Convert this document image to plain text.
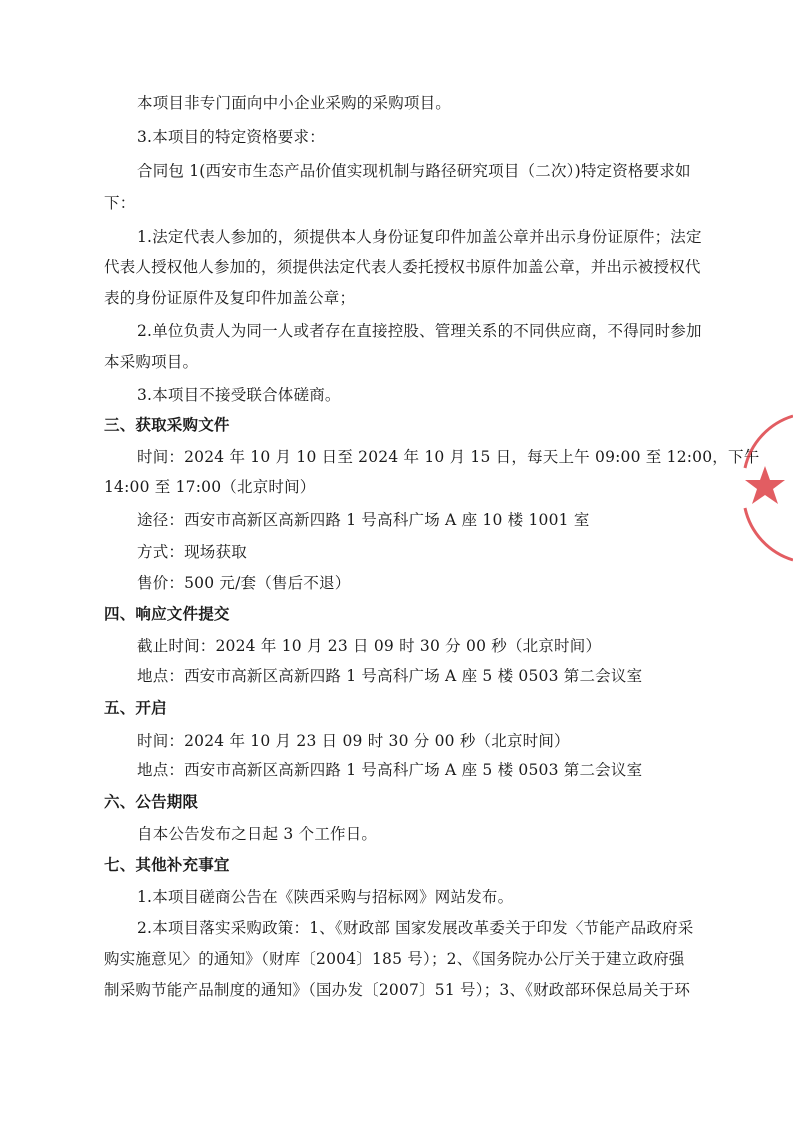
本项目非专门面向中小企业采购的采购项目。
3.本项目的特定资格要求：
合同包 1(西安市生态产品价值实现机制与路径研究项目（二次）)特定资格要求如
下：
1.法定代表人参加的，须提供本人身份证复印件加盖公章并出示身份证原件；法定
代表人授权他人参加的，须提供法定代表人委托授权书原件加盖公章，并出示被授权代
表的身份证原件及复印件加盖公章；
2.单位负责人为同一人或者存在直接控股、管理关系的不同供应商，不得同时参加
本采购项目。
3.本项目不接受联合体磋商。
三、获取采购文件
时间：2024 年 10 月 10 日至 2024 年 10 月 15 日，每天上午 09:00 至 12:00，下午
14:00 至 17:00（北京时间）
途径：西安市高新区高新四路 1 号高科广场 A 座 10 楼 1001 室
方式：现场获取
售价：500 元/套（售后不退）
四、响应文件提交
截止时间：2024 年 10 月 23 日 09 时 30 分 00 秒（北京时间）
地点：西安市高新区高新四路 1 号高科广场 A 座 5 楼 0503 第二会议室
五、开启
时间：2024 年 10 月 23 日 09 时 30 分 00 秒（北京时间）
地点：西安市高新区高新四路 1 号高科广场 A 座 5 楼 0503 第二会议室
六、公告期限
自本公告发布之日起 3 个工作日。
七、其他补充事宜
1.本项目磋商公告在《陕西采购与招标网》网站发布。
2.本项目落实采购政策：1、《财政部 国家发展改革委关于印发〈节能产品政府采
购实施意见〉的通知》（财库〔2004〕185 号）；2、《国务院办公厅关于建立政府强
制采购节能产品制度的通知》（国办发〔2007〕51 号）；3、《财政部环保总局关于环
